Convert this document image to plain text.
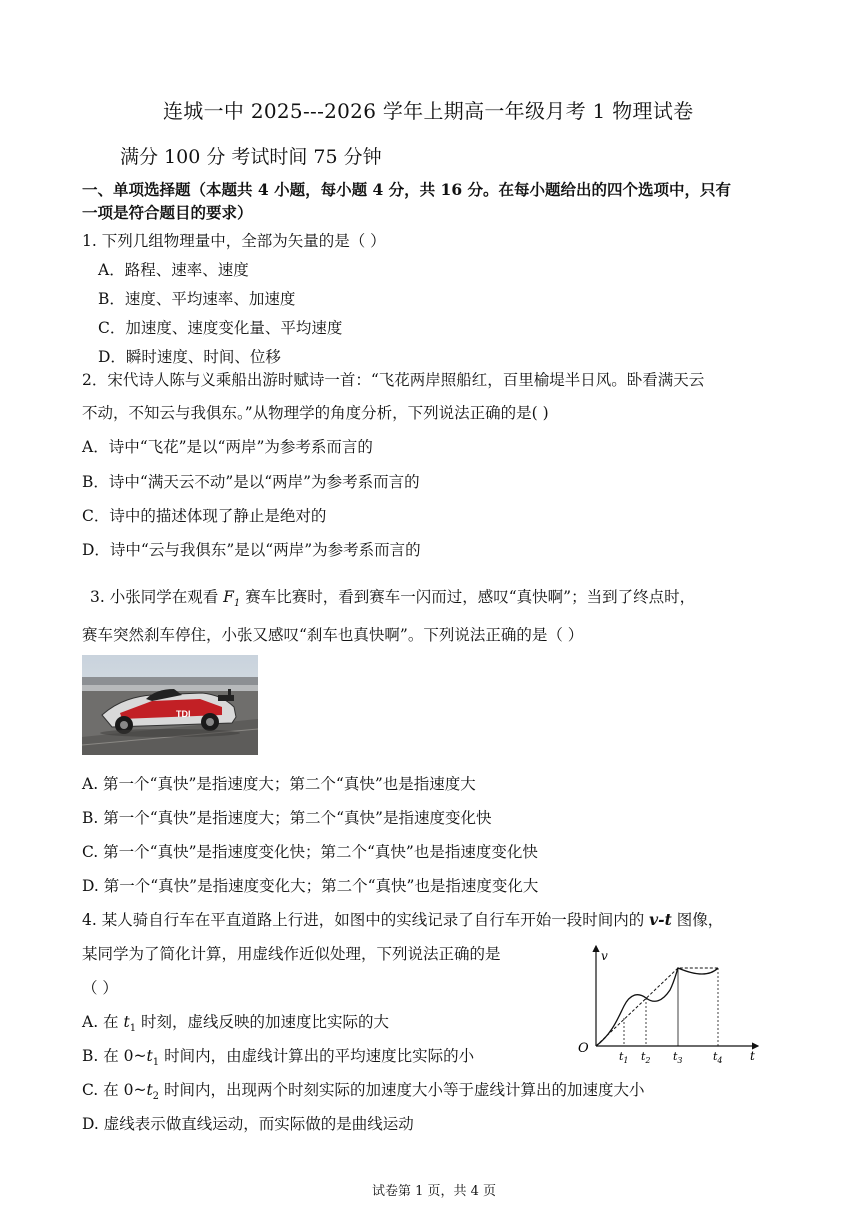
连城一中 2025---2026 学年上期高一年级月考 1 物理试卷
满分 100 分 考试时间 75 分钟
一、单项选择题（本题共 4 小题，每小题 4 分，共 16 分。在每小题给出的四个选项中，只有
一项是符合题目的要求）
1. 下列几组物理量中，全部为矢量的是（ ）
A．路程、速率、速度
B．速度、平均速率、加速度
C．加速度、速度变化量、平均速度
D．瞬时速度、时间、位移
2．宋代诗人陈与义乘船出游时赋诗一首：“飞花两岸照船红，百里榆堤半日风。卧看满天云
不动，不知云与我俱东。”从物理学的角度分析，下列说法正确的是( )
A．诗中“飞花”是以“两岸”为参考系而言的
B．诗中“满天云不动”是以“两岸”为参考系而言的
C．诗中的描述体现了静止是绝对的
D．诗中“云与我俱东”是以“两岸”为参考系而言的
3. 小张同学在观看 $F_1$ 赛车比赛时，看到赛车一闪而过，感叹“真快啊”；当到了终点时，
赛车突然刹车停住，小张又感叹“刹车也真快啊”。下列说法正确的是（ ）
TDI
A. 第一个“真快”是指速度大；第二个“真快”也是指速度大
B. 第一个“真快”是指速度大；第二个“真快”是指速度变化快
C. 第一个“真快”是指速度变化快；第二个“真快”也是指速度变化快
D. 第一个“真快”是指速度变化大；第二个“真快”也是指速度变化大
4. 某人骑自行车在平直道路上行进，如图中的实线记录了自行车开始一段时间内的 v-t 图像，
某同学为了简化计算，用虚线作近似处理，下列说法正确的是
（ ）
A. 在 $t_1$ 时刻，虚线反映的加速度比实际的大
B. 在 $0\sim t_1$ 时间内，由虚线计算出的平均速度比实际的小
C. 在 $0\sim t_2$ 时间内，出现两个时刻实际的加速度大小等于虚线计算出的加速度大小
D. 虚线表示做直线运动，而实际做的是曲线运动
v
O	t
$t_1$ $t_2$ $t_3$	$t_4$
试卷第 1 页，共 4 页
